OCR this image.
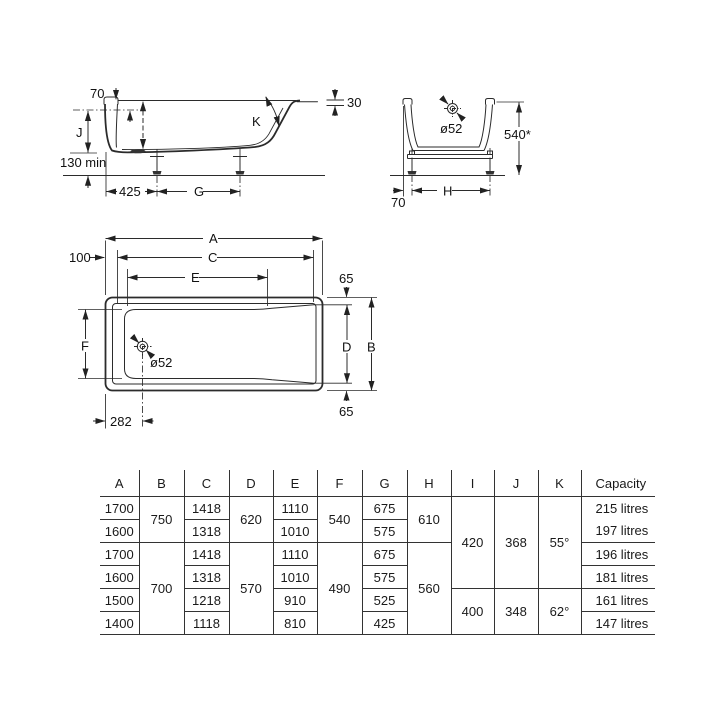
70
J
130 min
425	G
K
30
ø52	540*
H
70
A
C
100
E	65
B
D
F
ø52
282
65
A	B	C	D	E	F	G	H	I	J	K	Capacity
1700	750	1418	620	1110	540	675	610	420	368	55°	215 litres
1600		1318		1010		575					197 litres
1700	700	1418	570	1110	490	675	560				196 litres
1600		1318		1010		575					181 litres
1500		1218		910		525		400	348	62°	161 litres
1400		1118		810		425					147 litres
